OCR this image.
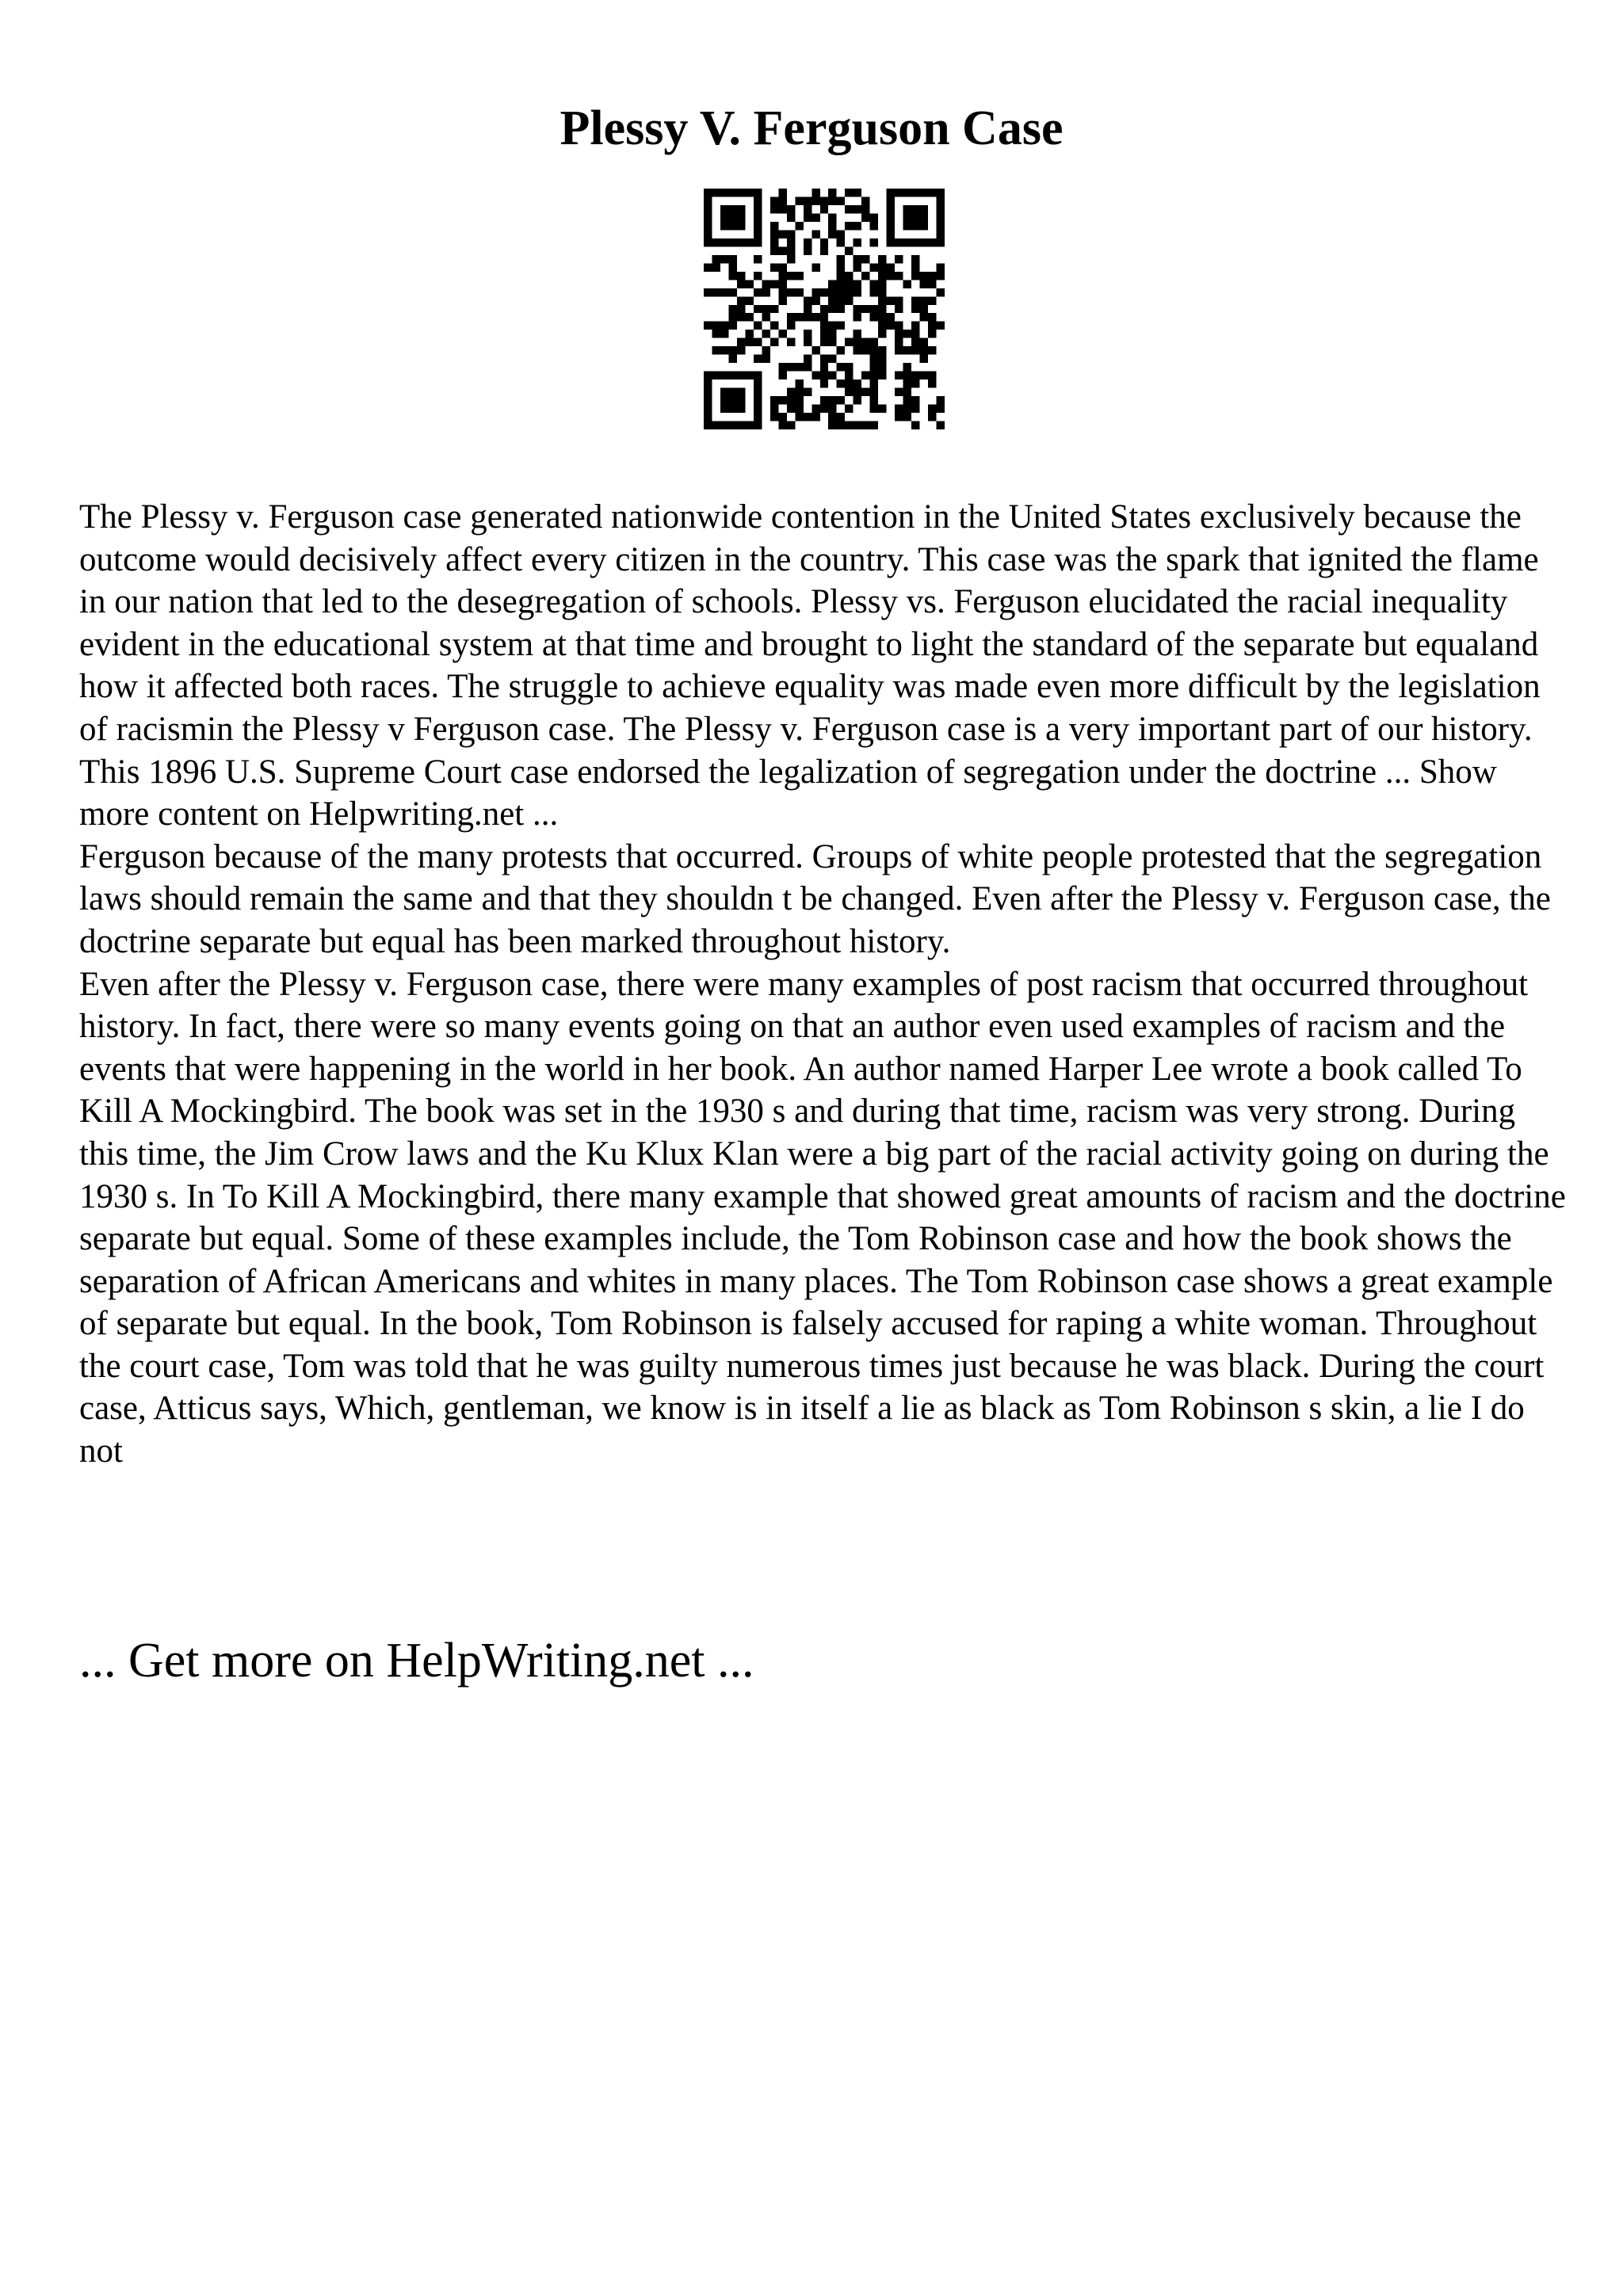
Plessy V. Ferguson Case

The Plessy v. Ferguson case generated nationwide contention in the United States exclusively because the outcome would decisively affect every citizen in the country. This case was the spark that ignited the flame in our nation that led to the desegregation of schools. Plessy vs. Ferguson elucidated the racial inequality evident in the educational system at that time and brought to light the standard of the separate but equaland how it affected both races. The struggle to achieve equality was made even more difficult by the legislation of racismin the Plessy v Ferguson case. The Plessy v. Ferguson case is a very important part of our history. This 1896 U.S. Supreme Court case endorsed the legalization of segregation under the doctrine ... Show more content on Helpwriting.net ...

Ferguson because of the many protests that occurred. Groups of white people protested that the segregation laws should remain the same and that they shouldn t be changed. Even after the Plessy v. Ferguson case, the doctrine separate but equal has been marked throughout history.

Even after the Plessy v. Ferguson case, there were many examples of post racism that occurred throughout history. In fact, there were so many events going on that an author even used examples of racism and the events that were happening in the world in her book. An author named Harper Lee wrote a book called To Kill A Mockingbird. The book was set in the 1930 s and during that time, racism was very strong. During this time, the Jim Crow laws and the Ku Klux Klan were a big part of the racial activity going on during the 1930 s. In To Kill A Mockingbird, there many example that showed great amounts of racism and the doctrine separate but equal. Some of these examples include, the Tom Robinson case and how the book shows the separation of African Americans and whites in many places. The Tom Robinson case shows a great example of separate but equal. In the book, Tom Robinson is falsely accused for raping a white woman. Throughout the court case, Tom was told that he was guilty numerous times just because he was black. During the court case, Atticus says, Which, gentleman, we know is in itself a lie as black as Tom Robinson s skin, a lie I do not

... Get more on HelpWriting.net ...
